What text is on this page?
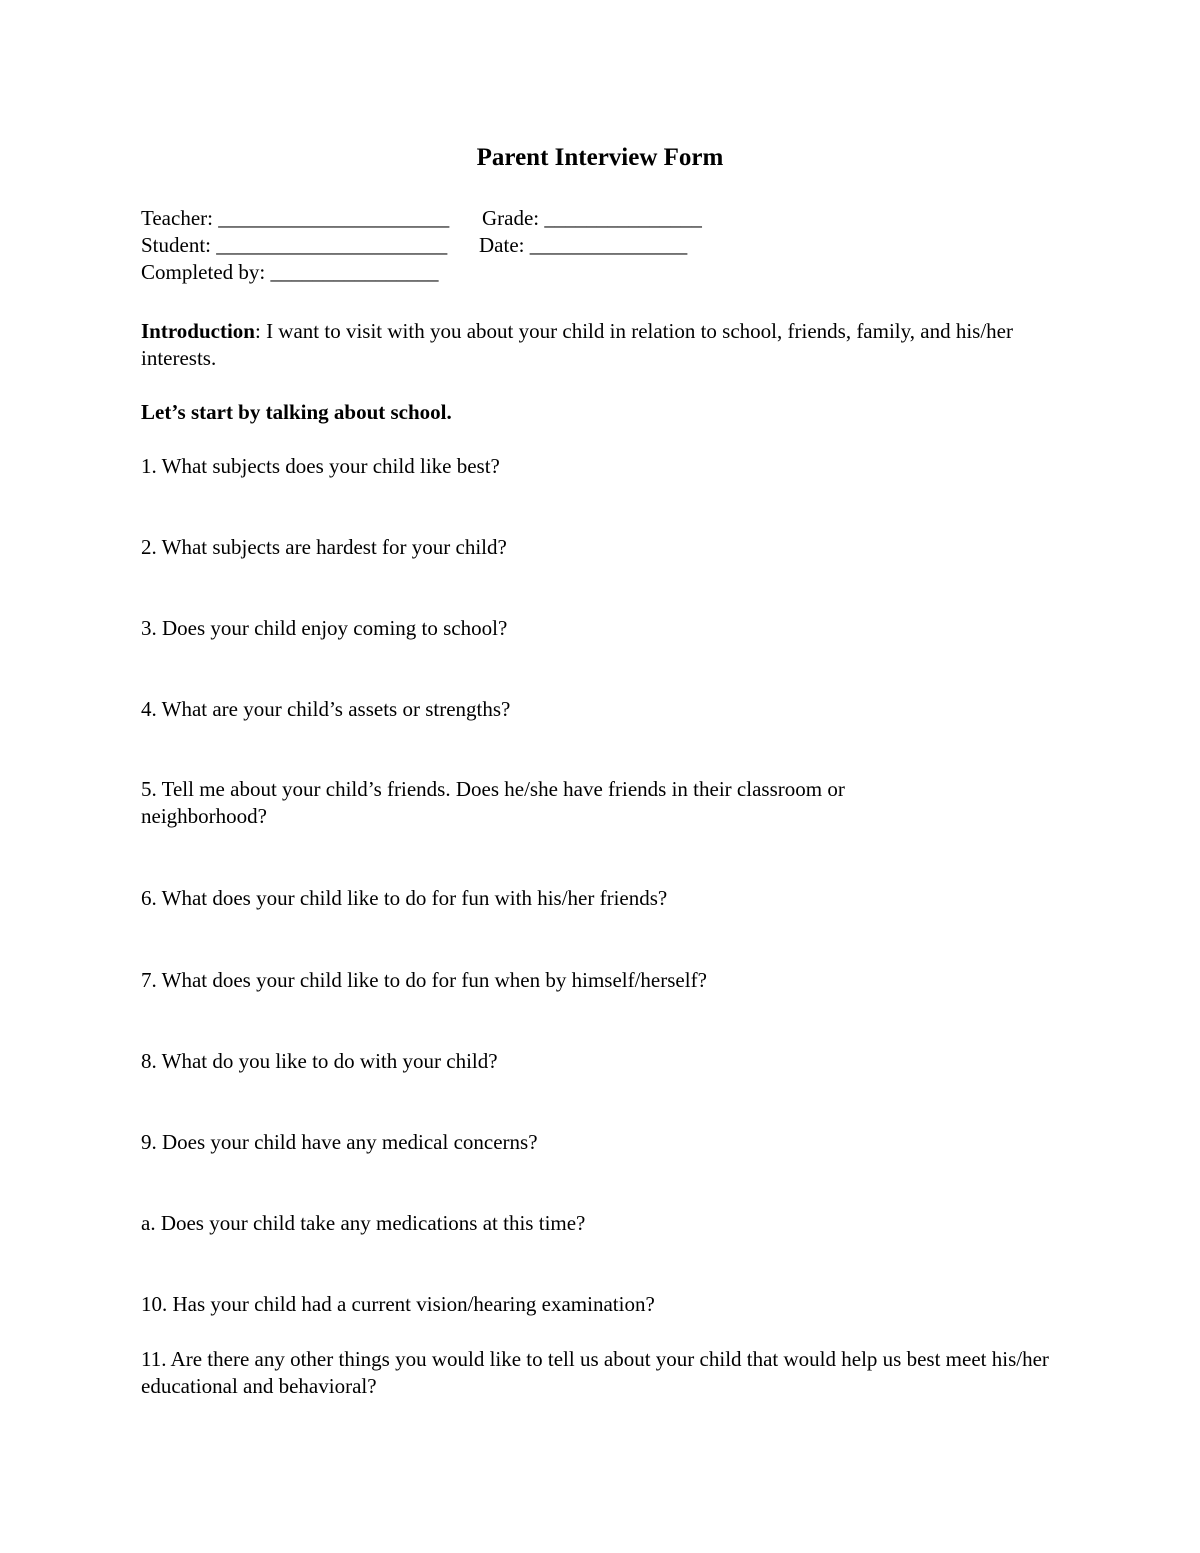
Parent Interview Form
Teacher: ______________________ Grade: _______________
Student: ______________________ Date: _______________
Completed by: ________________
Introduction: I want to visit with you about your child in relation to school, friends, family, and his/her interests.
Let’s start by talking about school.
1. What subjects does your child like best?
2. What subjects are hardest for your child?
3. Does your child enjoy coming to school?
4. What are your child’s assets or strengths?
5. Tell me about your child’s friends. Does he/she have friends in their classroom or neighborhood?
6. What does your child like to do for fun with his/her friends?
7. What does your child like to do for fun when by himself/herself?
8. What do you like to do with your child?
9. Does your child have any medical concerns?
a. Does your child take any medications at this time?
10. Has your child had a current vision/hearing examination?
11. Are there any other things you would like to tell us about your child that would help us best meet his/her educational and behavioral?
